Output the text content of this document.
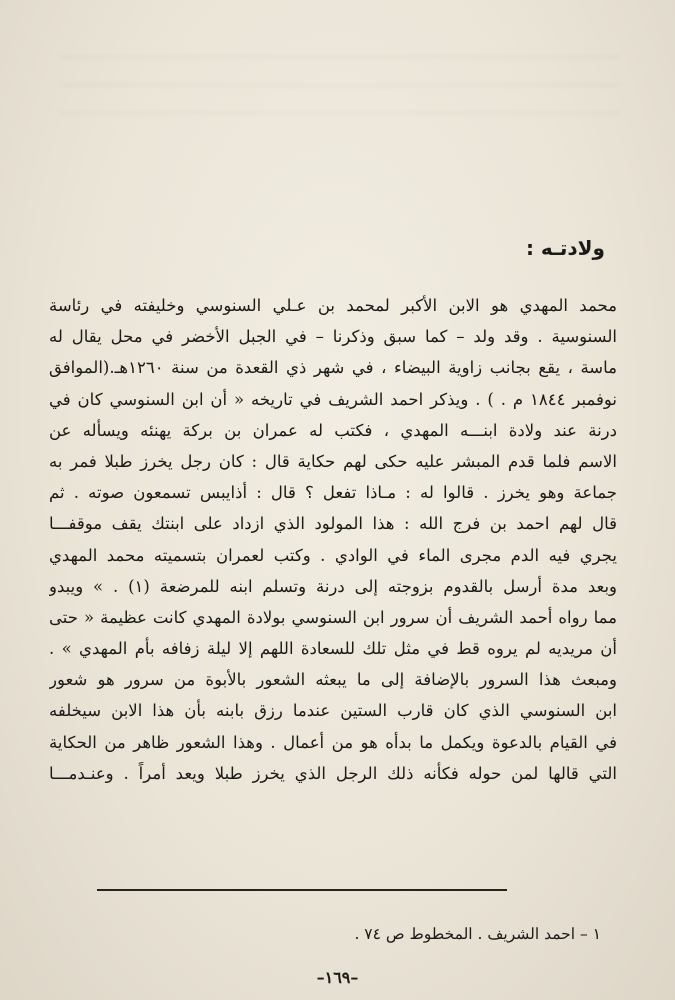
ولادتـه :
محمد المهدي هو الابن الأكبر لمحمد بن عـلي السنوسي وخليفته في رئاسة
السنوسية . وقد ولد – كما سبق وذكرنا – في الجبل الأخضر في محل يقال له
ماسة ، يقع بجانب زاوية البيضاء ، في شهر ذي القعدة من سنة ١٢٦٠هـ.(الموافق
نوفمبر ١٨٤٤ م . ) . ويذكر احمد الشريف في تاريخه « أن ابن السنوسي كان في
درنة عند ولادة ابنـــه المهدي ، فكتب له عمران بن بركة يهنئه ويسأله عن
الاسم فلما قدم المبشر عليه حكى لهم حكاية قال : كان رجل يخرز طبلا فمر به
جماعة وهو يخرز . قالوا له : مـاذا تفعل ؟ قال : أذايبس تسمعون صوته . ثم
قال لهم احمد بن فرج الله : هذا المولود الذي ازداد على ابنتك يقف موقفـــا
يجري فيه الدم مجرى الماء في الوادي . وكتب لعمران بتسميته محمد المهدي
وبعد مدة أرسل بالقدوم بزوجته إلى درنة وتسلم ابنه للمرضعة (١) . » ويبدو
مما رواه أحمد الشريف أن سرور ابن السنوسي بولادة المهدي كانت عظيمة « حتى
أن مريديه لم يروه قط في مثل تلك للسعادة اللهم إلا ليلة زفافه بأم المهدي » .
ومبعث هذا السرور بالإضافة إلى ما يبعثه الشعور بالأبوة من سرور هو شعور
ابن السنوسي الذي كان قارب الستين عندما رزق بابنه بأن هذا الابن سيخلفه
في القيام بالدعوة ويكمل ما بدأه هو من أعمال . وهذا الشعور ظاهر من الحكاية
التي قالها لمن حوله فكأنه ذلك الرجل الذي يخرز طبلا ويعد أمراً . وعنـدمـــا
١ – احمد الشريف . المخطوط ص ٧٤ .
–١٦٩–
